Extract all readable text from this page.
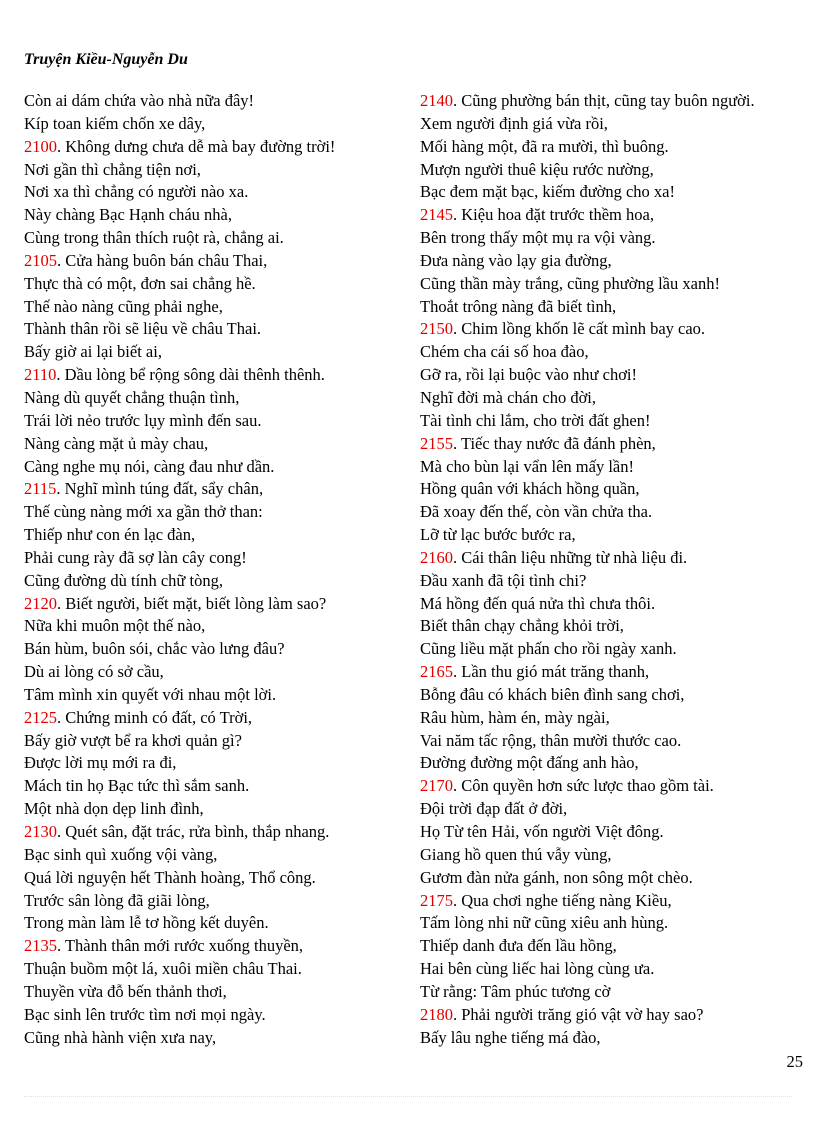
Truyện Kiều-Nguyễn Du

Còn ai dám chứa vào nhà nữa đây!
Kíp toan kiếm chốn xe dây,
2100. Không dưng chưa dễ mà bay đường trời!
Nơi gần thì chẳng tiện nơi,
Nơi xa thì chẳng có người nào xa.
Này chàng Bạc Hạnh cháu nhà,
Cùng trong thân thích ruột rà, chẳng ai.
2105. Cửa hàng buôn bán châu Thai,
Thực thà có một, đơn sai chẳng hề.
Thế nào nàng cũng phải nghe,
Thành thân rồi sẽ liệu về châu Thai.
Bấy giờ ai lại biết ai,
2110. Dầu lòng bể rộng sông dài thênh thênh.
Nàng dù quyết chẳng thuận tình,
Trái lời nẻo trước lụy mình đến sau.
Nàng càng mặt ủ mày chau,
Càng nghe mụ nói, càng đau như dần.
2115. Nghĩ mình túng đất, sẩy chân,
Thế cùng nàng mới xa gần thở than:
Thiếp như con én lạc đàn,
Phải cung rày đã sợ làn cây cong!
Cũng đường dù tính chữ tòng,
2120. Biết người, biết mặt, biết lòng làm sao?
Nữa khi muôn một thế nào,
Bán hùm, buôn sói, chắc vào lưng đâu?
Dù ai lòng có sở cầu,
Tâm mình xin quyết với nhau một lời.
2125. Chứng minh có đất, có Trời,
Bấy giờ vượt bể ra khơi quản gì?
Được lời mụ mới ra đi,
Mách tin họ Bạc tức thì sắm sanh.
Một nhà dọn dẹp linh đình,
2130. Quét sân, đặt trác, rửa bình, thắp nhang.
Bạc sinh quì xuống vội vàng,
Quá lời nguyện hết Thành hoàng, Thổ công.
Trước sân lòng đã giãi lòng,
Trong màn làm lễ tơ hồng kết duyên.
2135. Thành thân mới rước xuống thuyền,
Thuận buồm một lá, xuôi miền châu Thai.
Thuyền vừa đỗ bến thảnh thơi,
Bạc sinh lên trước tìm nơi mọi ngày.
Cũng nhà hành viện xưa nay,
2140. Cũng phường bán thịt, cũng tay buôn người.
Xem người định giá vừa rồi,
Mối hàng một, đã ra mười, thì buông.
Mượn người thuê kiệu rước nường,
Bạc đem mặt bạc, kiếm đường cho xa!
2145. Kiệu hoa đặt trước thềm hoa,
Bên trong thấy một mụ ra vội vàng.
Đưa nàng vào lạy gia đường,
Cũng thần mày trắng, cũng phường lầu xanh!
Thoắt trông nàng đã biết tình,
2150. Chim lồng khốn lẽ cất mình bay cao.
Chém cha cái số hoa đào,
Gỡ ra, rồi lại buộc vào như chơi!
Nghĩ đời mà chán cho đời,
Tài tình chi lắm, cho trời đất ghen!
2155. Tiếc thay nước đã đánh phèn,
Mà cho bùn lại vẩn lên mấy lần!
Hồng quân với khách hồng quần,
Đã xoay đến thế, còn vần chửa tha.
Lỡ từ lạc bước bước ra,
2160. Cái thân liệu những từ nhà liệu đi.
Đầu xanh đã tội tình chi?
Má hồng đến quá nửa thì chưa thôi.
Biết thân chạy chẳng khỏi trời,
Cũng liều mặt phấn cho rồi ngày xanh.
2165. Lần thu gió mát trăng thanh,
Bỗng đâu có khách biên đình sang chơi,
Râu hùm, hàm én, mày ngài,
Vai năm tấc rộng, thân mười thước cao.
Đường đường một đấng anh hào,
2170. Côn quyền hơn sức lược thao gồm tài.
Đội trời đạp đất ở đời,
Họ Từ tên Hải, vốn người Việt đông.
Giang hồ quen thú vẫy vùng,
Gươm đàn nửa gánh, non sông một chèo.
2175. Qua chơi nghe tiếng nàng Kiều,
Tấm lòng nhi nữ cũng xiêu anh hùng.
Thiếp danh đưa đến lầu hồng,
Hai bên cùng liếc hai lòng cùng ưa.
Từ rằng: Tâm phúc tương cờ
2180. Phải người trăng gió vật vờ hay sao?
Bấy lâu nghe tiếng má đào,
25
